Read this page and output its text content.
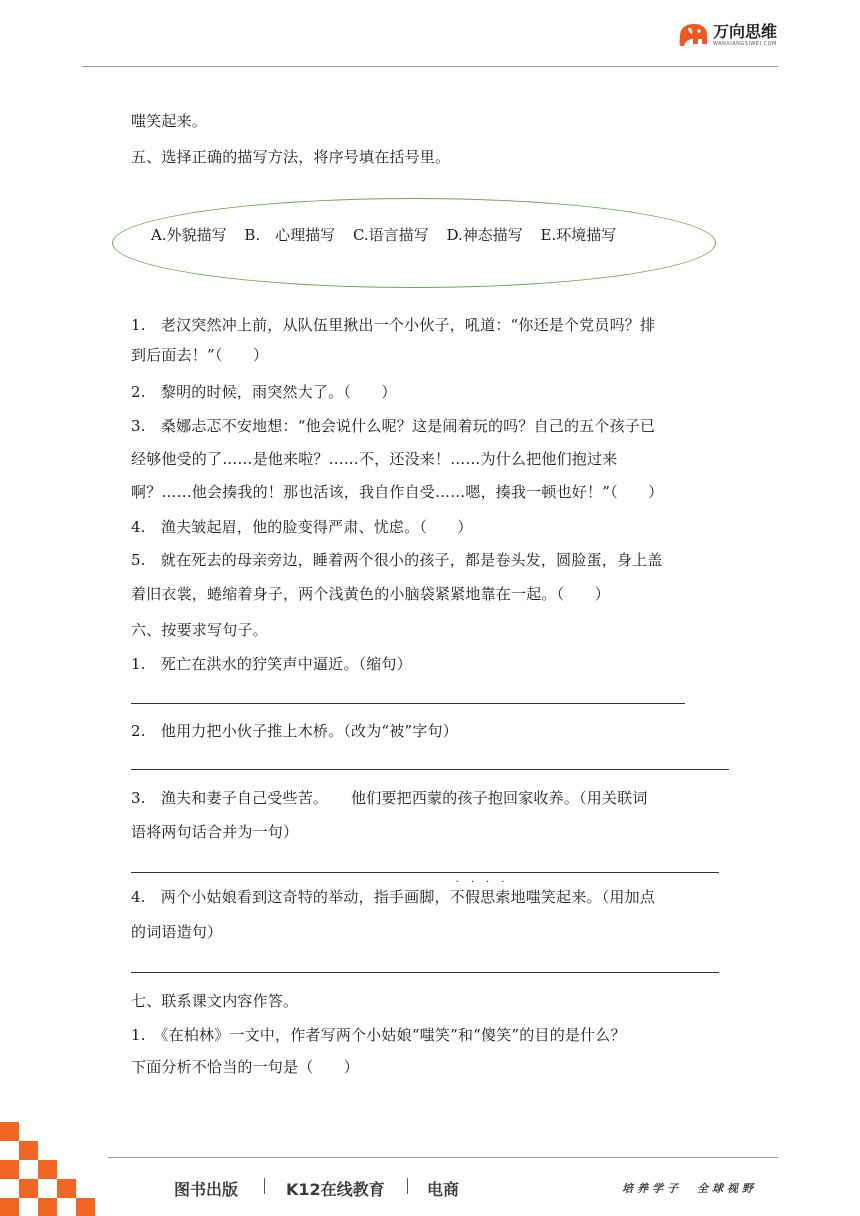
万向思维
WANXIANGSIWEI.COM
嗤笑起来。
五、选择正确的描写方法，将序号填在括号里。
A.外貌描写 B.　心理描写 C.语言描写 D.神态描写 E.环境描写
1.　老汉突然冲上前，从队伍里揪出一个小伙子，吼道：“你还是个党员吗？排
到后面去！”（　　）
2.　黎明的时候，雨突然大了。（　　）
3.　桑娜忐忑不安地想：“他会说什么呢？这是闹着玩的吗？自己的五个孩子已
经够他受的了……是他来啦？……不，还没来！……为什么把他们抱过来
啊？……他会揍我的！那也活该，我自作自受……嗯，揍我一顿也好！”（　　）
4.　渔夫皱起眉，他的脸变得严肃、忧虑。（　　）
5.　就在死去的母亲旁边，睡着两个很小的孩子，都是卷头发，圆脸蛋，身上盖
着旧衣裳，蜷缩着身子，两个浅黄色的小脑袋紧紧地靠在一起。（　　）
六、按要求写句子。
1.　死亡在洪水的狞笑声中逼近。（缩句）
2.　他用力把小伙子推上木桥。（改为“被”字句）
3.　渔夫和妻子自己受些苦。　　他们要把西蒙的孩子抱回家收养。（用关联词
语将两句话合并为一句）
4.　两个小姑娘看到这奇特的举动，指手画脚，
· · · ·
不假思索地嗤笑起来。（用加点
的词语造句）
七、联系课文内容作答。
1.　《在柏林》一文中，作者写两个小姑娘“嗤笑”和“傻笑”的目的是什么？
下面分析不恰当的一句是（　　）
图书出版	K12在线教育	电商	培养学子　全球视野
